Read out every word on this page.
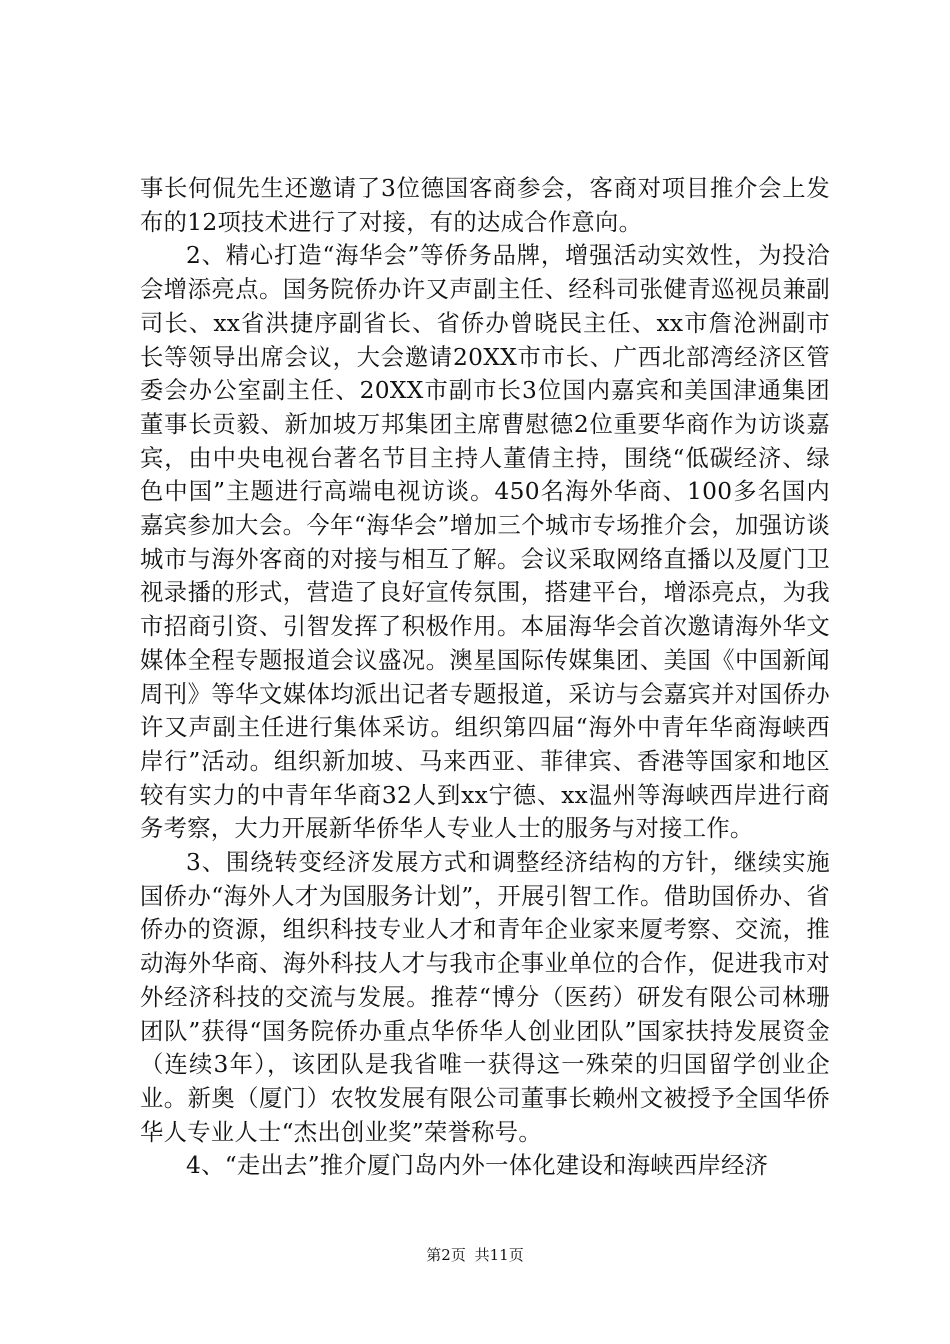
事长何侃先生还邀请了3位德国客商参会，客商对项目推介会上发布的12项技术进行了对接，有的达成合作意向。

2、精心打造“海华会”等侨务品牌，增强活动实效性，为投洽会增添亮点。国务院侨办许又声副主任、经科司张健青巡视员兼副司长、xx省洪捷序副省长、省侨办曾晓民主任、xx市詹沧洲副市长等领导出席会议，大会邀请20XX市市长、广西北部湾经济区管委会办公室副主任、20XX市副市长3位国内嘉宾和美国津通集团董事长贡毅、新加坡万邦集团主席曹慰德2位重要华商作为访谈嘉宾，由中央电视台著名节目主持人董倩主持，围绕“低碳经济、绿色中国”主题进行高端电视访谈。450名海外华商、100多名国内嘉宾参加大会。今年“海华会”增加三个城市专场推介会，加强访谈城市与海外客商的对接与相互了解。会议采取网络直播以及厦门卫视录播的形式，营造了良好宣传氛围，搭建平台，增添亮点，为我市招商引资、引智发挥了积极作用。本届海华会首次邀请海外华文媒体全程专题报道会议盛况。澳星国际传媒集团、美国《中国新闻周刊》等华文媒体均派出记者专题报道，采访与会嘉宾并对国侨办许又声副主任进行集体采访。组织第四届“海外中青年华商海峡西岸行”活动。组织新加坡、马来西亚、菲律宾、香港等国家和地区较有实力的中青年华商32人到xx宁德、xx温州等海峡西岸进行商务考察，大力开展新华侨华人专业人士的服务与对接工作。

3、围绕转变经济发展方式和调整经济结构的方针，继续实施国侨办“海外人才为国服务计划”，开展引智工作。借助国侨办、省侨办的资源，组织科技专业人才和青年企业家来厦考察、交流，推动海外华商、海外科技人才与我市企事业单位的合作，促进我市对外经济科技的交流与发展。推荐“博分（医药）研发有限公司林珊团队”获得“国务院侨办重点华侨华人创业团队”国家扶持发展资金（连续3年），该团队是我省唯一获得这一殊荣的归国留学创业企业。新奥（厦门）农牧发展有限公司董事长赖州文被授予全国华侨华人专业人士“杰出创业奖”荣誉称号。

4、“走出去”推介厦门岛内外一体化建设和海峡西岸经济

第2页 共11页
